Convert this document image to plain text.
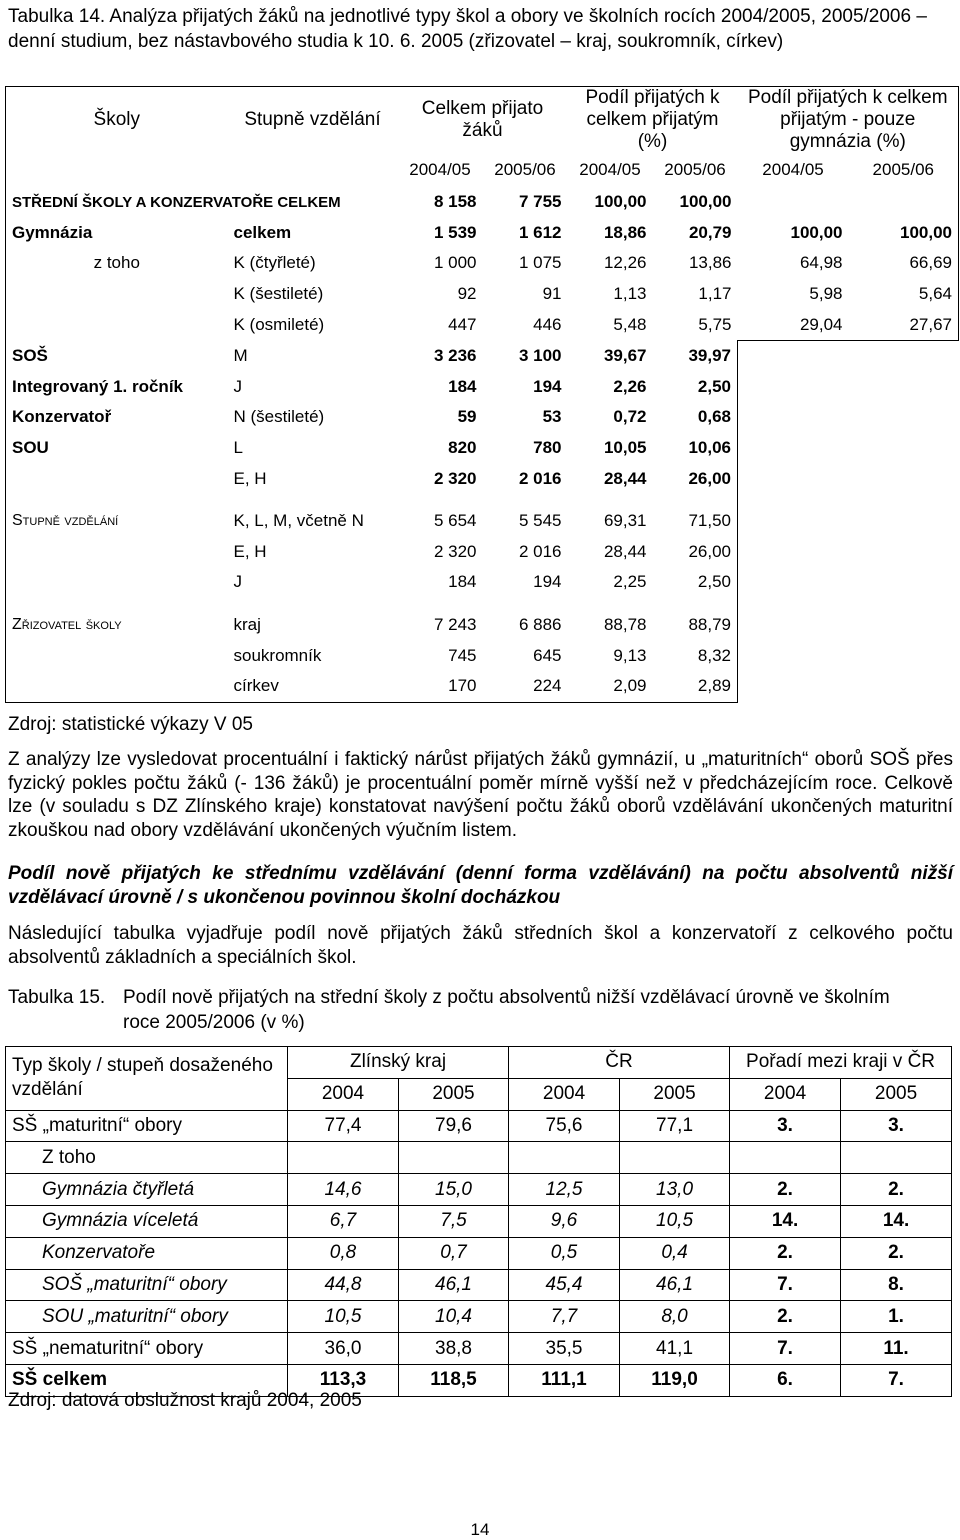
Tabulka 14. Analýza přijatých žáků na jednotlivé typy škol a obory ve školních rocích 2004/2005, 2005/2006 – denní studium, bez nástavbového studia k 10. 6. 2005 (zřizovatel – kraj, soukromník, církev)
Školy	Stupně vzdělání	Celkem přijato žáků		Podíl přijatých k celkem přijatým (%)		Podíl přijatých k celkem přijatým - pouze gymnázia (%)	

		2004/05	2005/06	2004/05	2005/06	2004/05	2005/06
STŘEDNÍ ŠKOLY A KONZERVATOŘE CELKEM		8 158	7 755	100,00	100,00		
Gymnázia	celkem	1 539	1 612	18,86	20,79	100,00	100,00
z toho	K (čtyřleté)	1 000	1 075	12,26	13,86	64,98	66,69
	K (šestileté)	92	91	1,13	1,17	5,98	5,64
	K (osmileté)	447	446	5,48	5,75	29,04	27,67
SOŠ	M	3 236	3 100	39,67	39,97		
Integrovaný 1. ročník	J	184	194	2,26	2,50		
Konzervatoř	N (šestileté)	59	53	0,72	0,68		
SOU	L	820	780	10,05	10,06		
	E, H	2 320	2 016	28,44	26,00		

Stupně vzdělání	K, L, M, včetně N	5 654	5 545	69,31	71,50		
	E, H	2 320	2 016	28,44	26,00		
	J	184	194	2,25	2,50		

Zřizovatel školy	kraj	7 243	6 886	88,78	88,79		
	soukromník	745	645	9,13	8,32		
	církev	170	224	2,09	2,89		
Zdroj: statistické výkazy V 05
Z analýzy lze vysledovat procentuální i faktický nárůst přijatých žáků gymnázií, u „maturitních“ oborů SOŠ přes fyzický pokles počtu žáků (- 136 žáků) je procentuální poměr mírně vyšší než v předcházejícím roce. Celkově lze (v souladu s DZ Zlínského kraje) konstatovat navýšení počtu žáků oborů vzdělávání ukončených maturitní zkouškou nad obory vzdělávání ukončených výučním listem.
Podíl nově přijatých ke střednímu vzdělávání (denní forma vzdělávání) na počtu absolventů nižší vzdělávací úrovně / s ukončenou povinnou školní docházkou
Následující tabulka vyjadřuje podíl nově přijatých žáků středních škol a konzervatoří z celkového počtu absolventů základních a speciálních škol.
Tabulka 15. Podíl nově přijatých na střední školy z počtu absolventů nižší vzdělávací úrovně ve školním roce 2005/2006 (v %)
Typ školy / stupeň dosaženého vzdělání	Zlínský kraj		ČR		Pořadí mezi kraji v ČR	
	2004	2005	2004	2005	2004	2005
SŠ „maturitní“ obory	77,4	79,6	75,6	77,1	3.	3.
Z toho						
Gymnázia čtyřletá	14,6	15,0	12,5	13,0	2.	2.
Gymnázia víceletá	6,7	7,5	9,6	10,5	14.	14.
Konzervatoře	0,8	0,7	0,5	0,4	2.	2.
SOŠ „maturitní“ obory	44,8	46,1	45,4	46,1	7.	8.
SOU „maturitní“ obory	10,5	10,4	7,7	8,0	2.	1.
SŠ „nematuritní“ obory	36,0	38,8	35,5	41,1	7.	11.
SŠ celkem	113,3	118,5	111,1	119,0	6.	7.
Zdroj: datová obslužnost krajů 2004, 2005
14
